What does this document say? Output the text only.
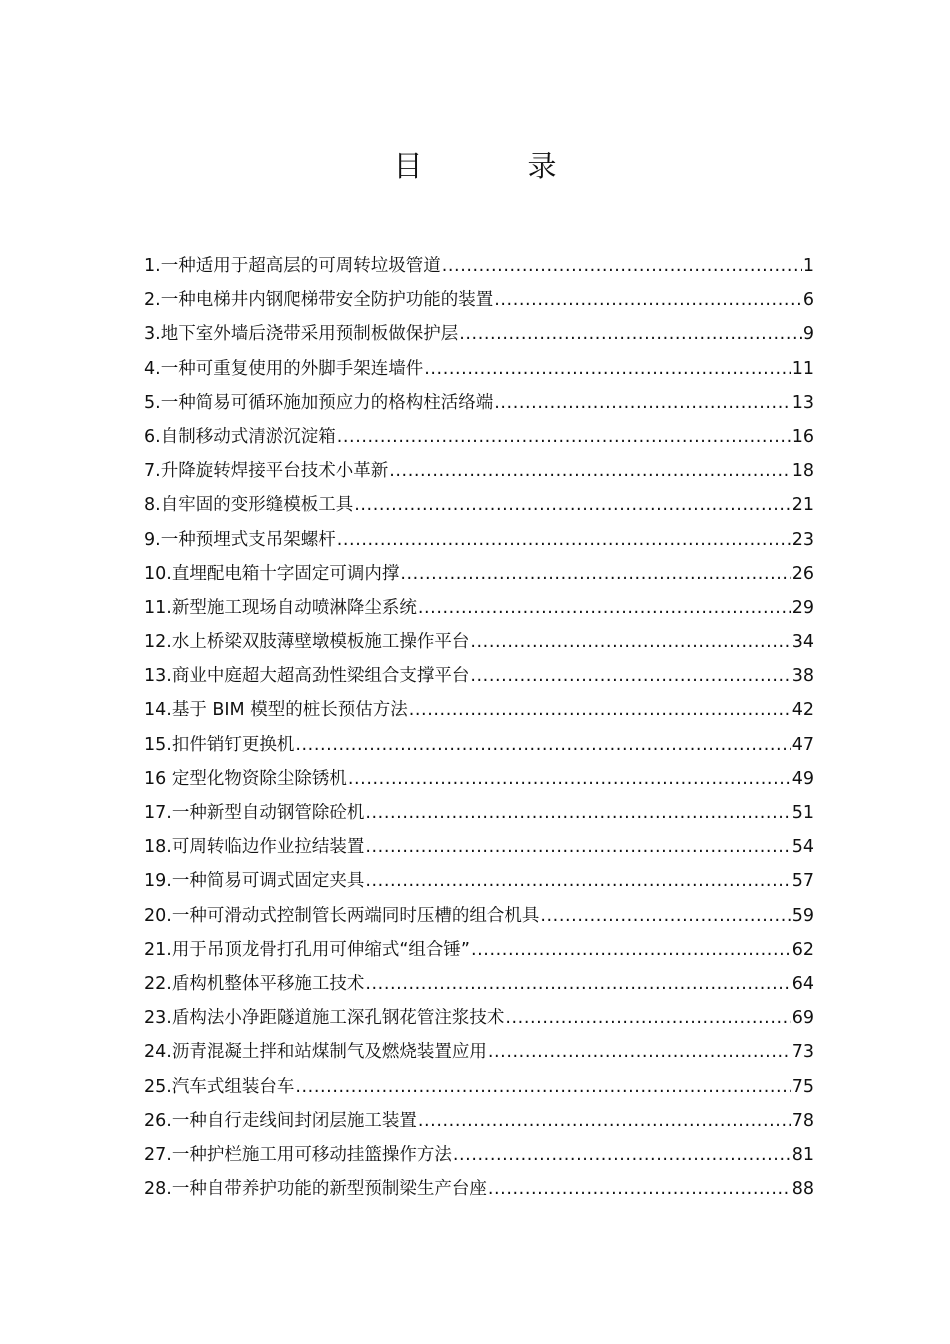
目　录
1.一种适用于超高层的可周转垃圾管道 .....	1
2.一种电梯井内钢爬梯带安全防护功能的装置 .....	6
3.地下室外墙后浇带采用预制板做保护层 .....	9
4.一种可重复使用的外脚手架连墙件 .....	11
5.一种简易可循环施加预应力的格构柱活络端 .....	13
6.自制移动式清淤沉淀箱 .....	16
7.升降旋转焊接平台技术小革新 .....	18
8.自牢固的变形缝模板工具 .....	21
9.一种预埋式支吊架螺杆 .....	23
10.直埋配电箱十字固定可调内撑 .....	26
11.新型施工现场自动喷淋降尘系统 .....	29
12.水上桥梁双肢薄壁墩模板施工操作平台 .....	34
13.商业中庭超大超高劲性梁组合支撑平台 .....	38
14.基于 BIM 模型的桩长预估方法 .....	42
15.扣件销钉更换机 .....	47
16 定型化物资除尘除锈机 .....	49
17.一种新型自动钢管除砼机 .....	51
18.可周转临边作业拉结装置 .....	54
19.一种简易可调式固定夹具 .....	57
20.一种可滑动式控制管长两端同时压槽的组合机具 .....	59
21.用于吊顶龙骨打孔用可伸缩式“组合锤” .....	62
22.盾构机整体平移施工技术 .....	64
23.盾构法小净距隧道施工深孔钢花管注浆技术 .....	69
24.沥青混凝土拌和站煤制气及燃烧装置应用 .....	73
25.汽车式组装台车 .....	75
26.一种自行走线间封闭层施工装置 .....	78
27.一种护栏施工用可移动挂篮操作方法 .....	81
28.一种自带养护功能的新型预制梁生产台座 .....	88
